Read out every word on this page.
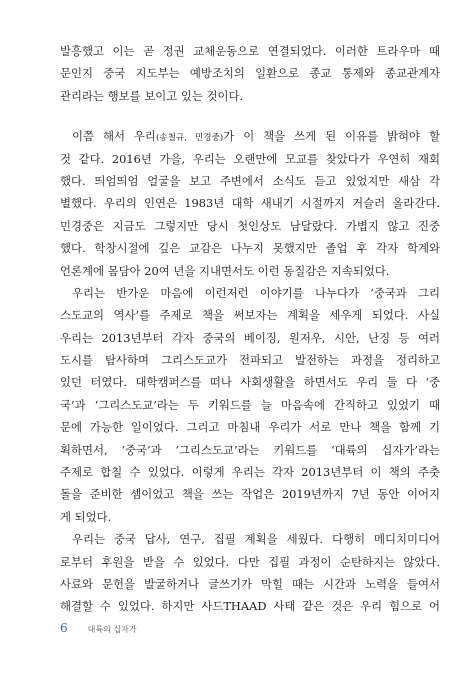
발흥했고 이는 곧 정권 교체운동으로 연결되었다. 이러한 트라우마 때
문인지 중국 지도부는 예방조치의 일환으로 종교 통제와 종교관계자
관리라는 행보를 보이고 있는 것이다.
이쯤 해서 우리(송철규, 민경중)가 이 책을 쓰게 된 이유를 밝혀야 할
것 같다. 2016년 가을, 우리는 오랜만에 모교를 찾았다가 우연히 재회
했다. 띄엄띄엄 얼굴을 보고 주변에서 소식도 듣고 있었지만 새삼 각
별했다. 우리의 인연은 1983년 대학 새내기 시절까지 거슬러 올라간다.
민경중은 지금도 그렇지만 당시 첫인상도 남달랐다. 가볍지 않고 진중
했다. 학창시절에 깊은 교감은 나누지 못했지만 졸업 후 각자 학계와
언론계에 몸담아 20여 년을 지내면서도 이런 동질감은 지속되었다.
우리는 반가운 마음에 이런저런 이야기를 나누다가 ‘중국과 그리
스도교의 역사’를 주제로 책을 써보자는 계획을 세우게 되었다. 사실
우리는 2013년부터 각자 중국의 베이징, 원저우, 시안, 난징 등 여러
도시를 탐사하며 그리스도교가 전파되고 발전하는 과정을 정리하고
있던 터였다. 대학캠퍼스를 떠나 사회생활을 하면서도 우리 둘 다 ‘중
국’과 ‘그리스도교’라는 두 키워드를 늘 마음속에 간직하고 있었기 때
문에 가능한 일이었다. 그리고 마침내 우리가 서로 만나 책을 함께 기
획하면서, ‘중국’과 ‘그리스도교’라는 키워드를 ‘대륙의 십자가’라는
주제로 합칠 수 있었다. 이렇게 우리는 각자 2013년부터 이 책의 주춧
돌을 준비한 셈이었고 책을 쓰는 작업은 2019년까지 7년 동안 이어지
게 되었다.
우리는 중국 답사, 연구, 집필 계획을 세웠다. 다행히 메디치미디어
로부터 후원을 받을 수 있었다. 다만 집필 과정이 순탄하지는 않았다.
사료와 문헌을 발굴하거나 글쓰기가 막힐 때는 시간과 노력을 들여서
해결할 수 있었다. 하지만 사드THAAD 사태 같은 것은 우리 힘으로 어
6	대륙의 십자가
